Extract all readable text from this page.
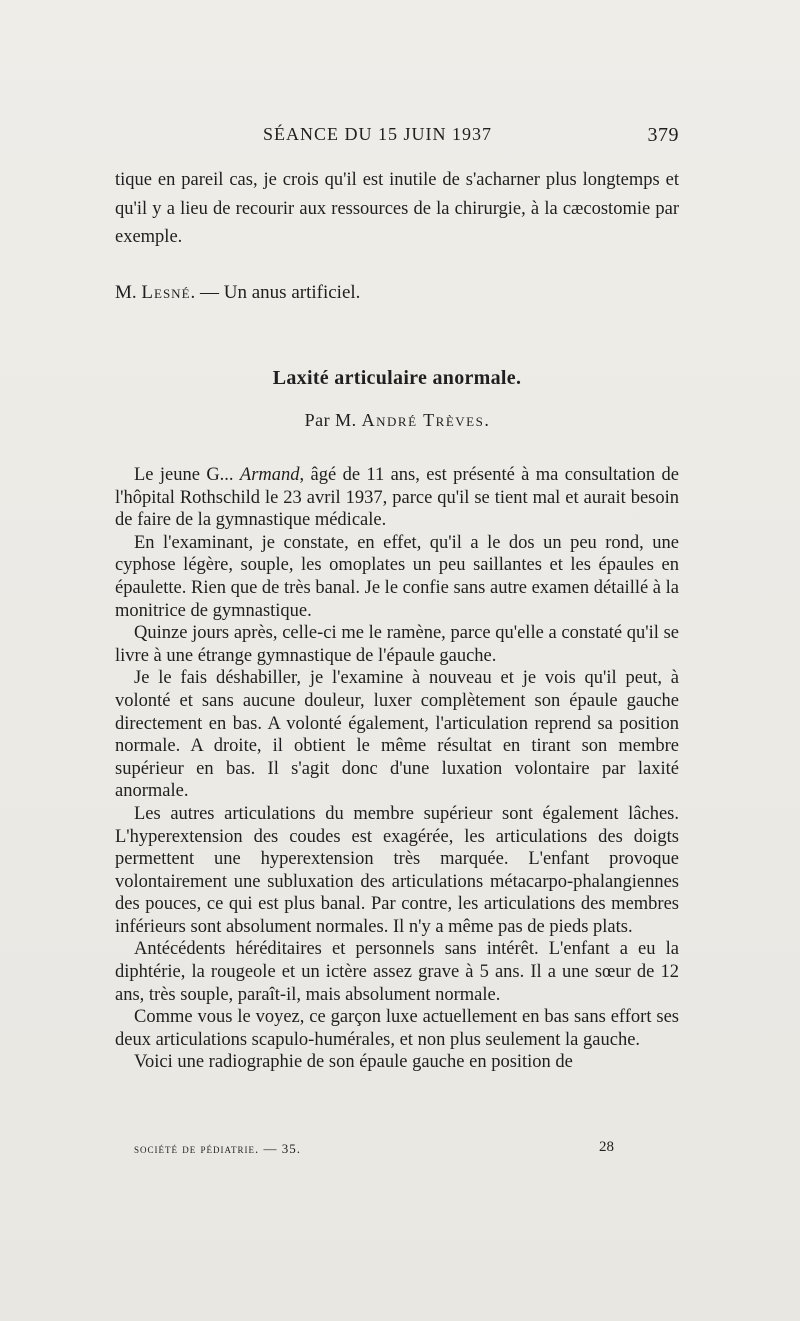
SÉANCE DU 15 JUIN 1937	379

tique en pareil cas, je crois qu'il est inutile de s'acharner plus longtemps et qu'il y a lieu de recourir aux ressources de la chirurgie, à la cæcostomie par exemple.

M. Lesné. — Un anus artificiel.
Laxité articulaire anormale.
Par M. André Trèves.

Le jeune G... Armand, âgé de 11 ans, est présenté à ma consultation de l'hôpital Rothschild le 23 avril 1937, parce qu'il se tient mal et aurait besoin de faire de la gymnastique médicale.

En l'examinant, je constate, en effet, qu'il a le dos un peu rond, une cyphose légère, souple, les omoplates un peu saillantes et les épaules en épaulette. Rien que de très banal. Je le confie sans autre examen détaillé à la monitrice de gymnastique.

Quinze jours après, celle-ci me le ramène, parce qu'elle a constaté qu'il se livre à une étrange gymnastique de l'épaule gauche.

Je le fais déshabiller, je l'examine à nouveau et je vois qu'il peut, à volonté et sans aucune douleur, luxer complètement son épaule gauche directement en bas. A volonté également, l'articulation reprend sa position normale. A droite, il obtient le même résultat en tirant son membre supérieur en bas. Il s'agit donc d'une luxation volontaire par laxité anormale.

Les autres articulations du membre supérieur sont également lâches. L'hyperextension des coudes est exagérée, les articulations des doigts permettent une hyperextension très marquée. L'enfant provoque volontairement une subluxation des articulations métacarpo-phalangiennes des pouces, ce qui est plus banal. Par contre, les articulations des membres inférieurs sont absolument normales. Il n'y a même pas de pieds plats.

Antécédents héréditaires et personnels sans intérêt. L'enfant a eu la diphtérie, la rougeole et un ictère assez grave à 5 ans. Il a une sœur de 12 ans, très souple, paraît-il, mais absolument normale.

Comme vous le voyez, ce garçon luxe actuellement en bas sans effort ses deux articulations scapulo-humérales, et non plus seulement la gauche.

Voici une radiographie de son épaule gauche en position de

société de pédiatrie. — 35.	28
